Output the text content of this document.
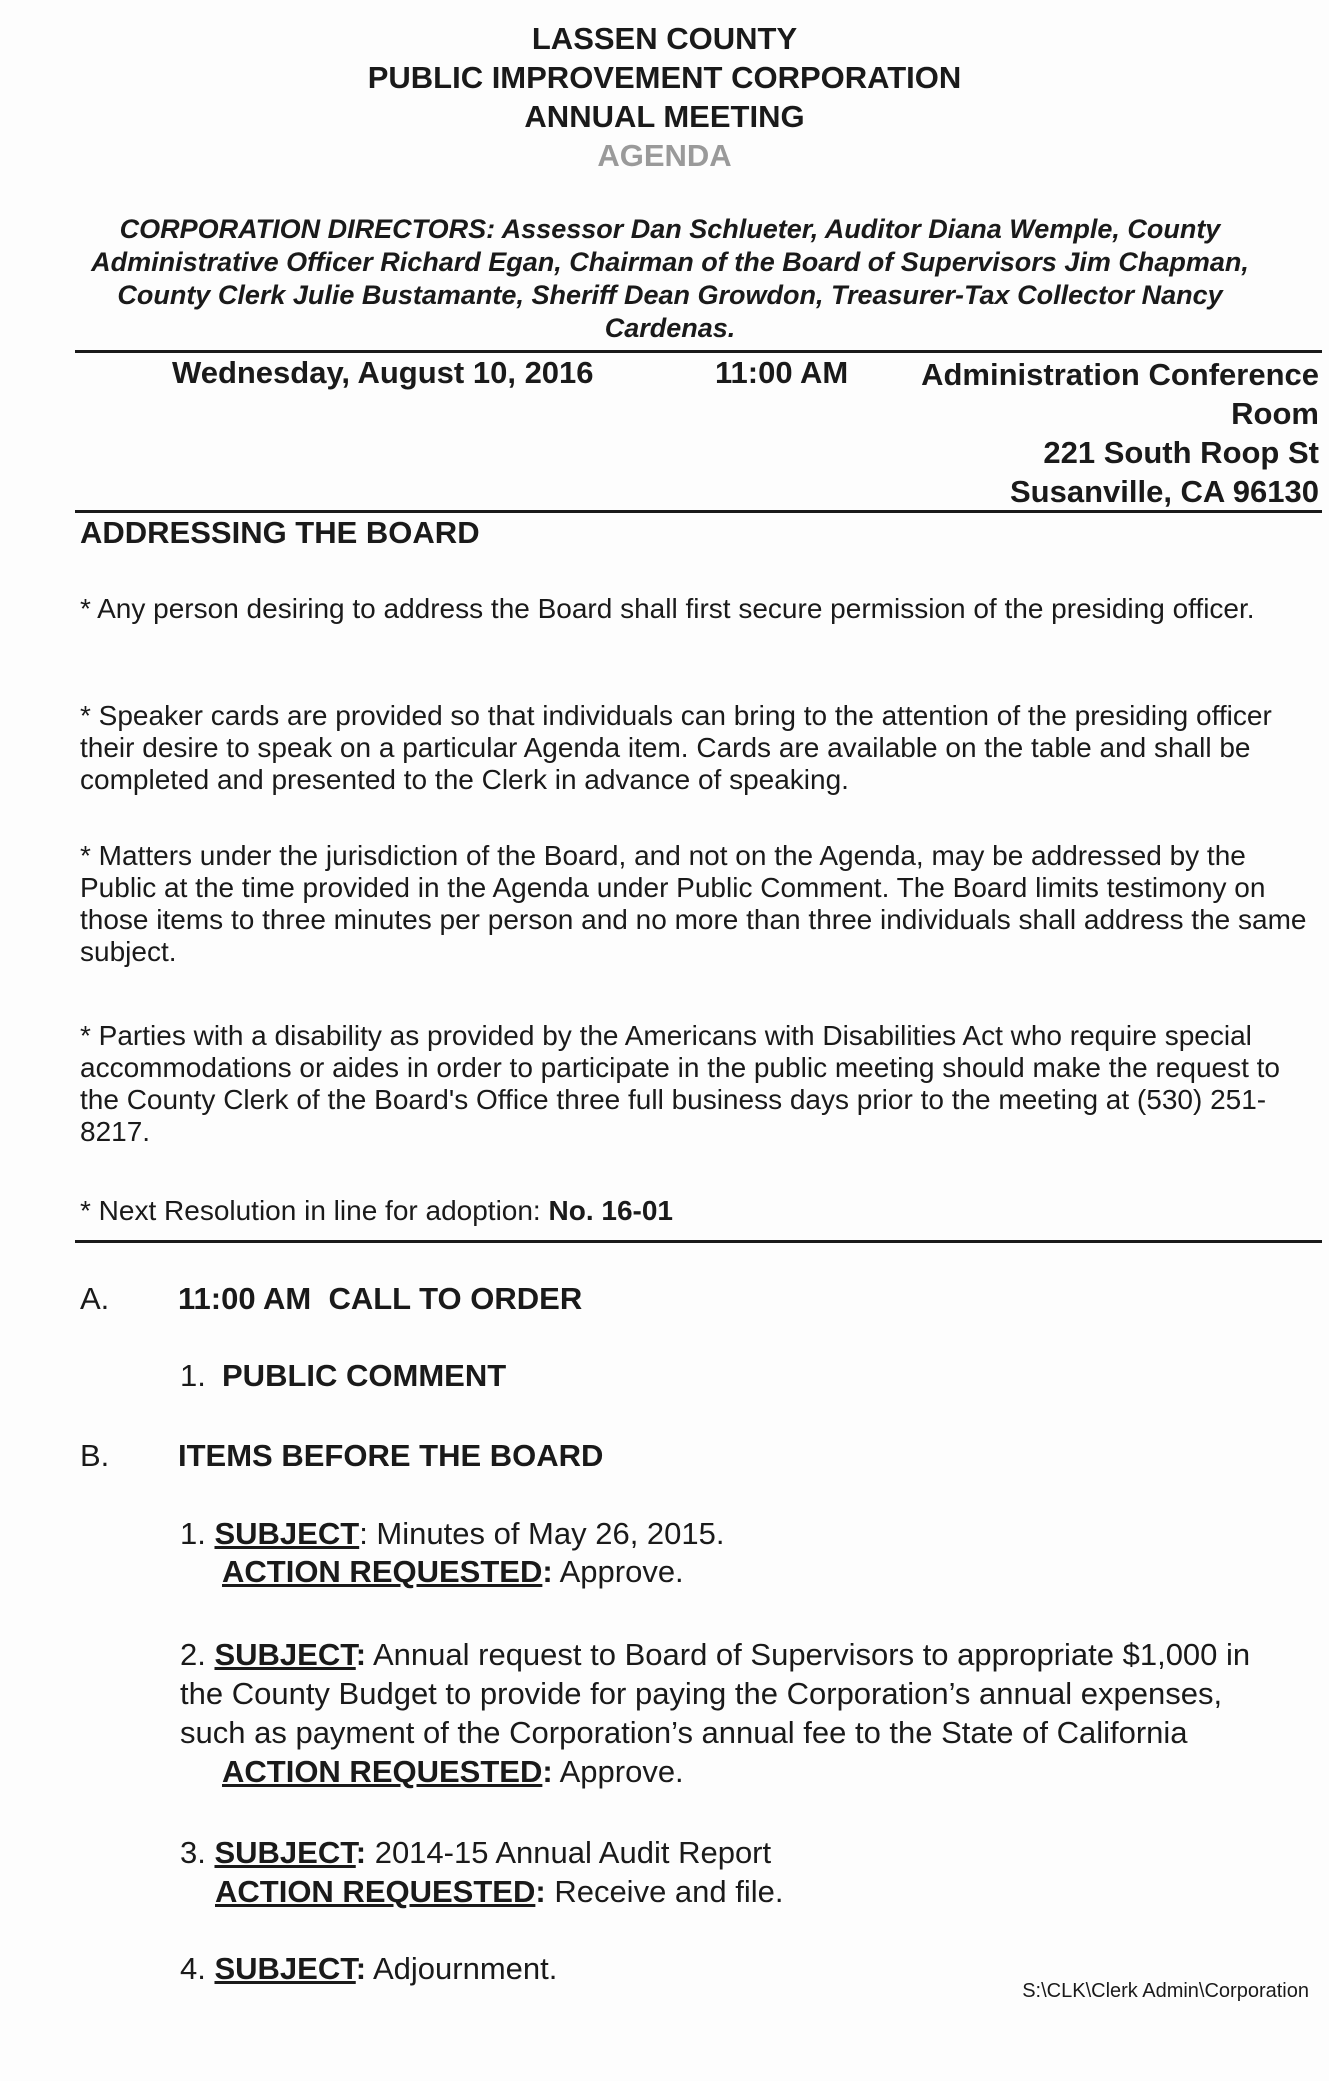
LASSEN COUNTY
PUBLIC IMPROVEMENT CORPORATION
ANNUAL MEETING
AGENDA
CORPORATION DIRECTORS: Assessor Dan Schlueter, Auditor Diana Wemple, County Administrative Officer Richard Egan, Chairman of the Board of Supervisors Jim Chapman, County Clerk Julie Bustamante, Sheriff Dean Growdon, Treasurer-Tax Collector Nancy Cardenas.
Wednesday, August 10, 2016	11:00 AM Administration Conference
Room
221 South Roop St
Susanville, CA 96130
ADDRESSING THE BOARD
* Any person desiring to address the Board shall first secure permission of the presiding officer.
* Speaker cards are provided so that individuals can bring to the attention of the presiding officer their desire to speak on a particular Agenda item. Cards are available on the table and shall be completed and presented to the Clerk in advance of speaking.
* Matters under the jurisdiction of the Board, and not on the Agenda, may be addressed by the Public at the time provided in the Agenda under Public Comment. The Board limits testimony on those items to three minutes per person and no more than three individuals shall address the same subject.
* Parties with a disability as provided by the Americans with Disabilities Act who require special accommodations or aides in order to participate in the public meeting should make the request to the County Clerk of the Board's Office three full business days prior to the meeting at (530) 251-8217.
* Next Resolution in line for adoption: No. 16-01
A. 11:00 AM  CALL TO ORDER
1. PUBLIC COMMENT
B. ITEMS BEFORE THE BOARD
1. SUBJECT: Minutes of May 26, 2015.
ACTION REQUESTED: Approve.
2. SUBJECT: Annual request to Board of Supervisors to appropriate $1,000 in
the County Budget to provide for paying the Corporation’s annual expenses,
such as payment of the Corporation’s annual fee to the State of California
ACTION REQUESTED: Approve.
3. SUBJECT: 2014-15 Annual Audit Report
ACTION REQUESTED: Receive and file.
4. SUBJECT: Adjournment.
S:\CLK\Clerk Admin\Corporation
